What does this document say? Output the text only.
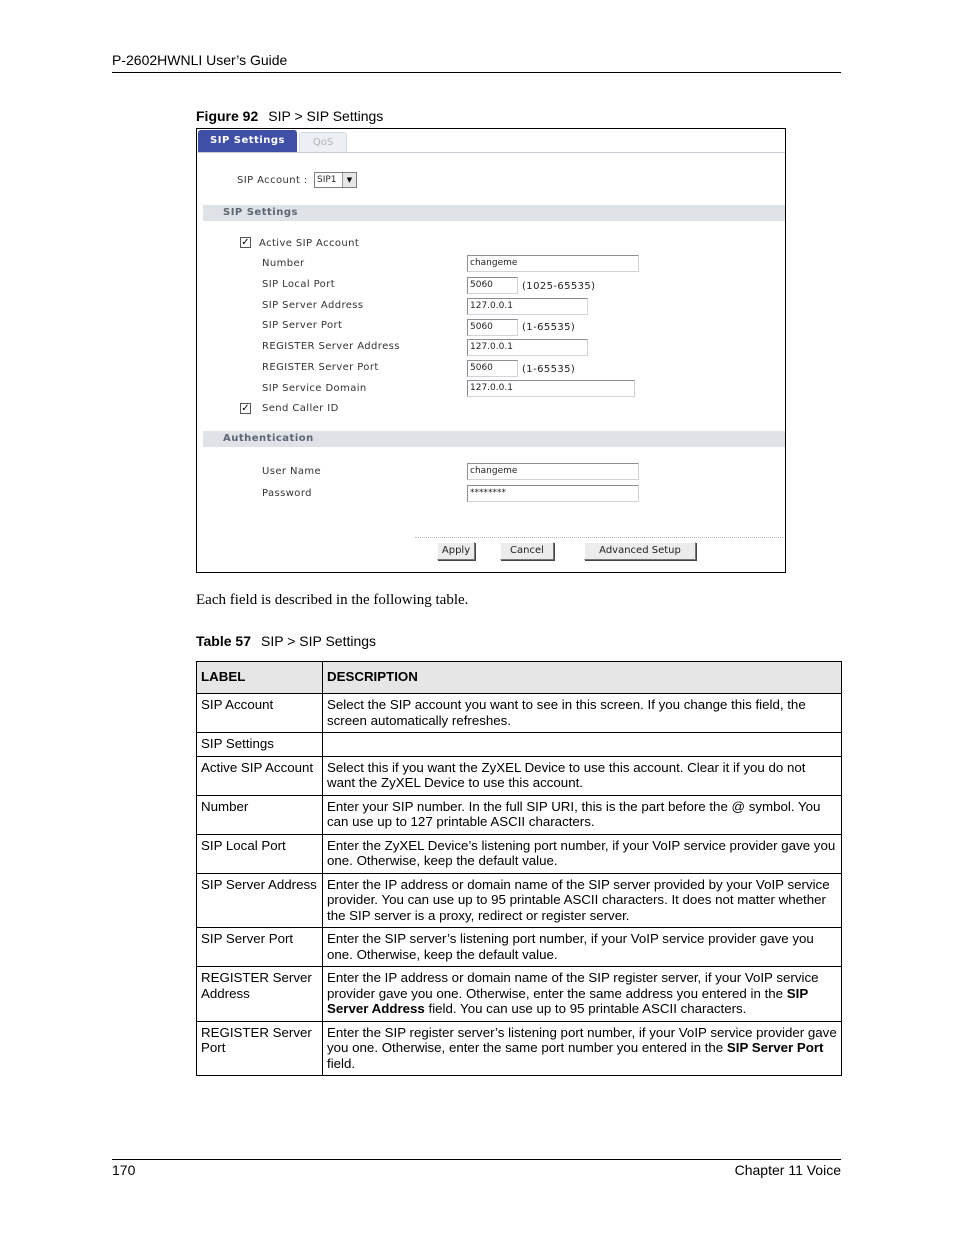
P-2602HWNLI User’s Guide
Figure 92 SIP > SIP Settings
SIP Settings	QoS
SIP Account :	SIP1	▼
SIP Settings
✓ Active SIP Account
Number	changeme
SIP Local Port	5060	(1025-65535)
SIP Server Address	127.0.0.1
SIP Server Port	5060	(1-65535)
REGISTER Server Address	127.0.0.1
REGISTER Server Port	5060	(1-65535)
SIP Service Domain	127.0.0.1
✓ Send Caller ID
Authentication
User Name	changeme
Password	********
Apply	Cancel	Advanced Setup
Each field is described in the following table.
Table 57 SIP > SIP Settings
LABEL	DESCRIPTION
SIP Account	Select the SIP account you want to see in this screen. If you change this field, the screen automatically refreshes.
SIP Settings	
Active SIP Account	Select this if you want the ZyXEL Device to use this account. Clear it if you do not want the ZyXEL Device to use this account.
Number	Enter your SIP number. In the full SIP URI, this is the part before the @ symbol. You can use up to 127 printable ASCII characters.
SIP Local Port	Enter the ZyXEL Device’s listening port number, if your VoIP service provider gave you one. Otherwise, keep the default value.
SIP Server Address	Enter the IP address or domain name of the SIP server provided by your VoIP service provider. You can use up to 95 printable ASCII characters. It does not matter whether the SIP server is a proxy, redirect or register server.
SIP Server Port	Enter the SIP server’s listening port number, if your VoIP service provider gave you one. Otherwise, keep the default value.
REGISTER Server Address	Enter the IP address or domain name of the SIP register server, if your VoIP service provider gave you one. Otherwise, enter the same address you entered in the SIP Server Address field. You can use up to 95 printable ASCII characters.
REGISTER Server Port	Enter the SIP register server’s listening port number, if your VoIP service provider gave you one. Otherwise, enter the same port number you entered in the SIP Server Port field.
170	Chapter 11 Voice
